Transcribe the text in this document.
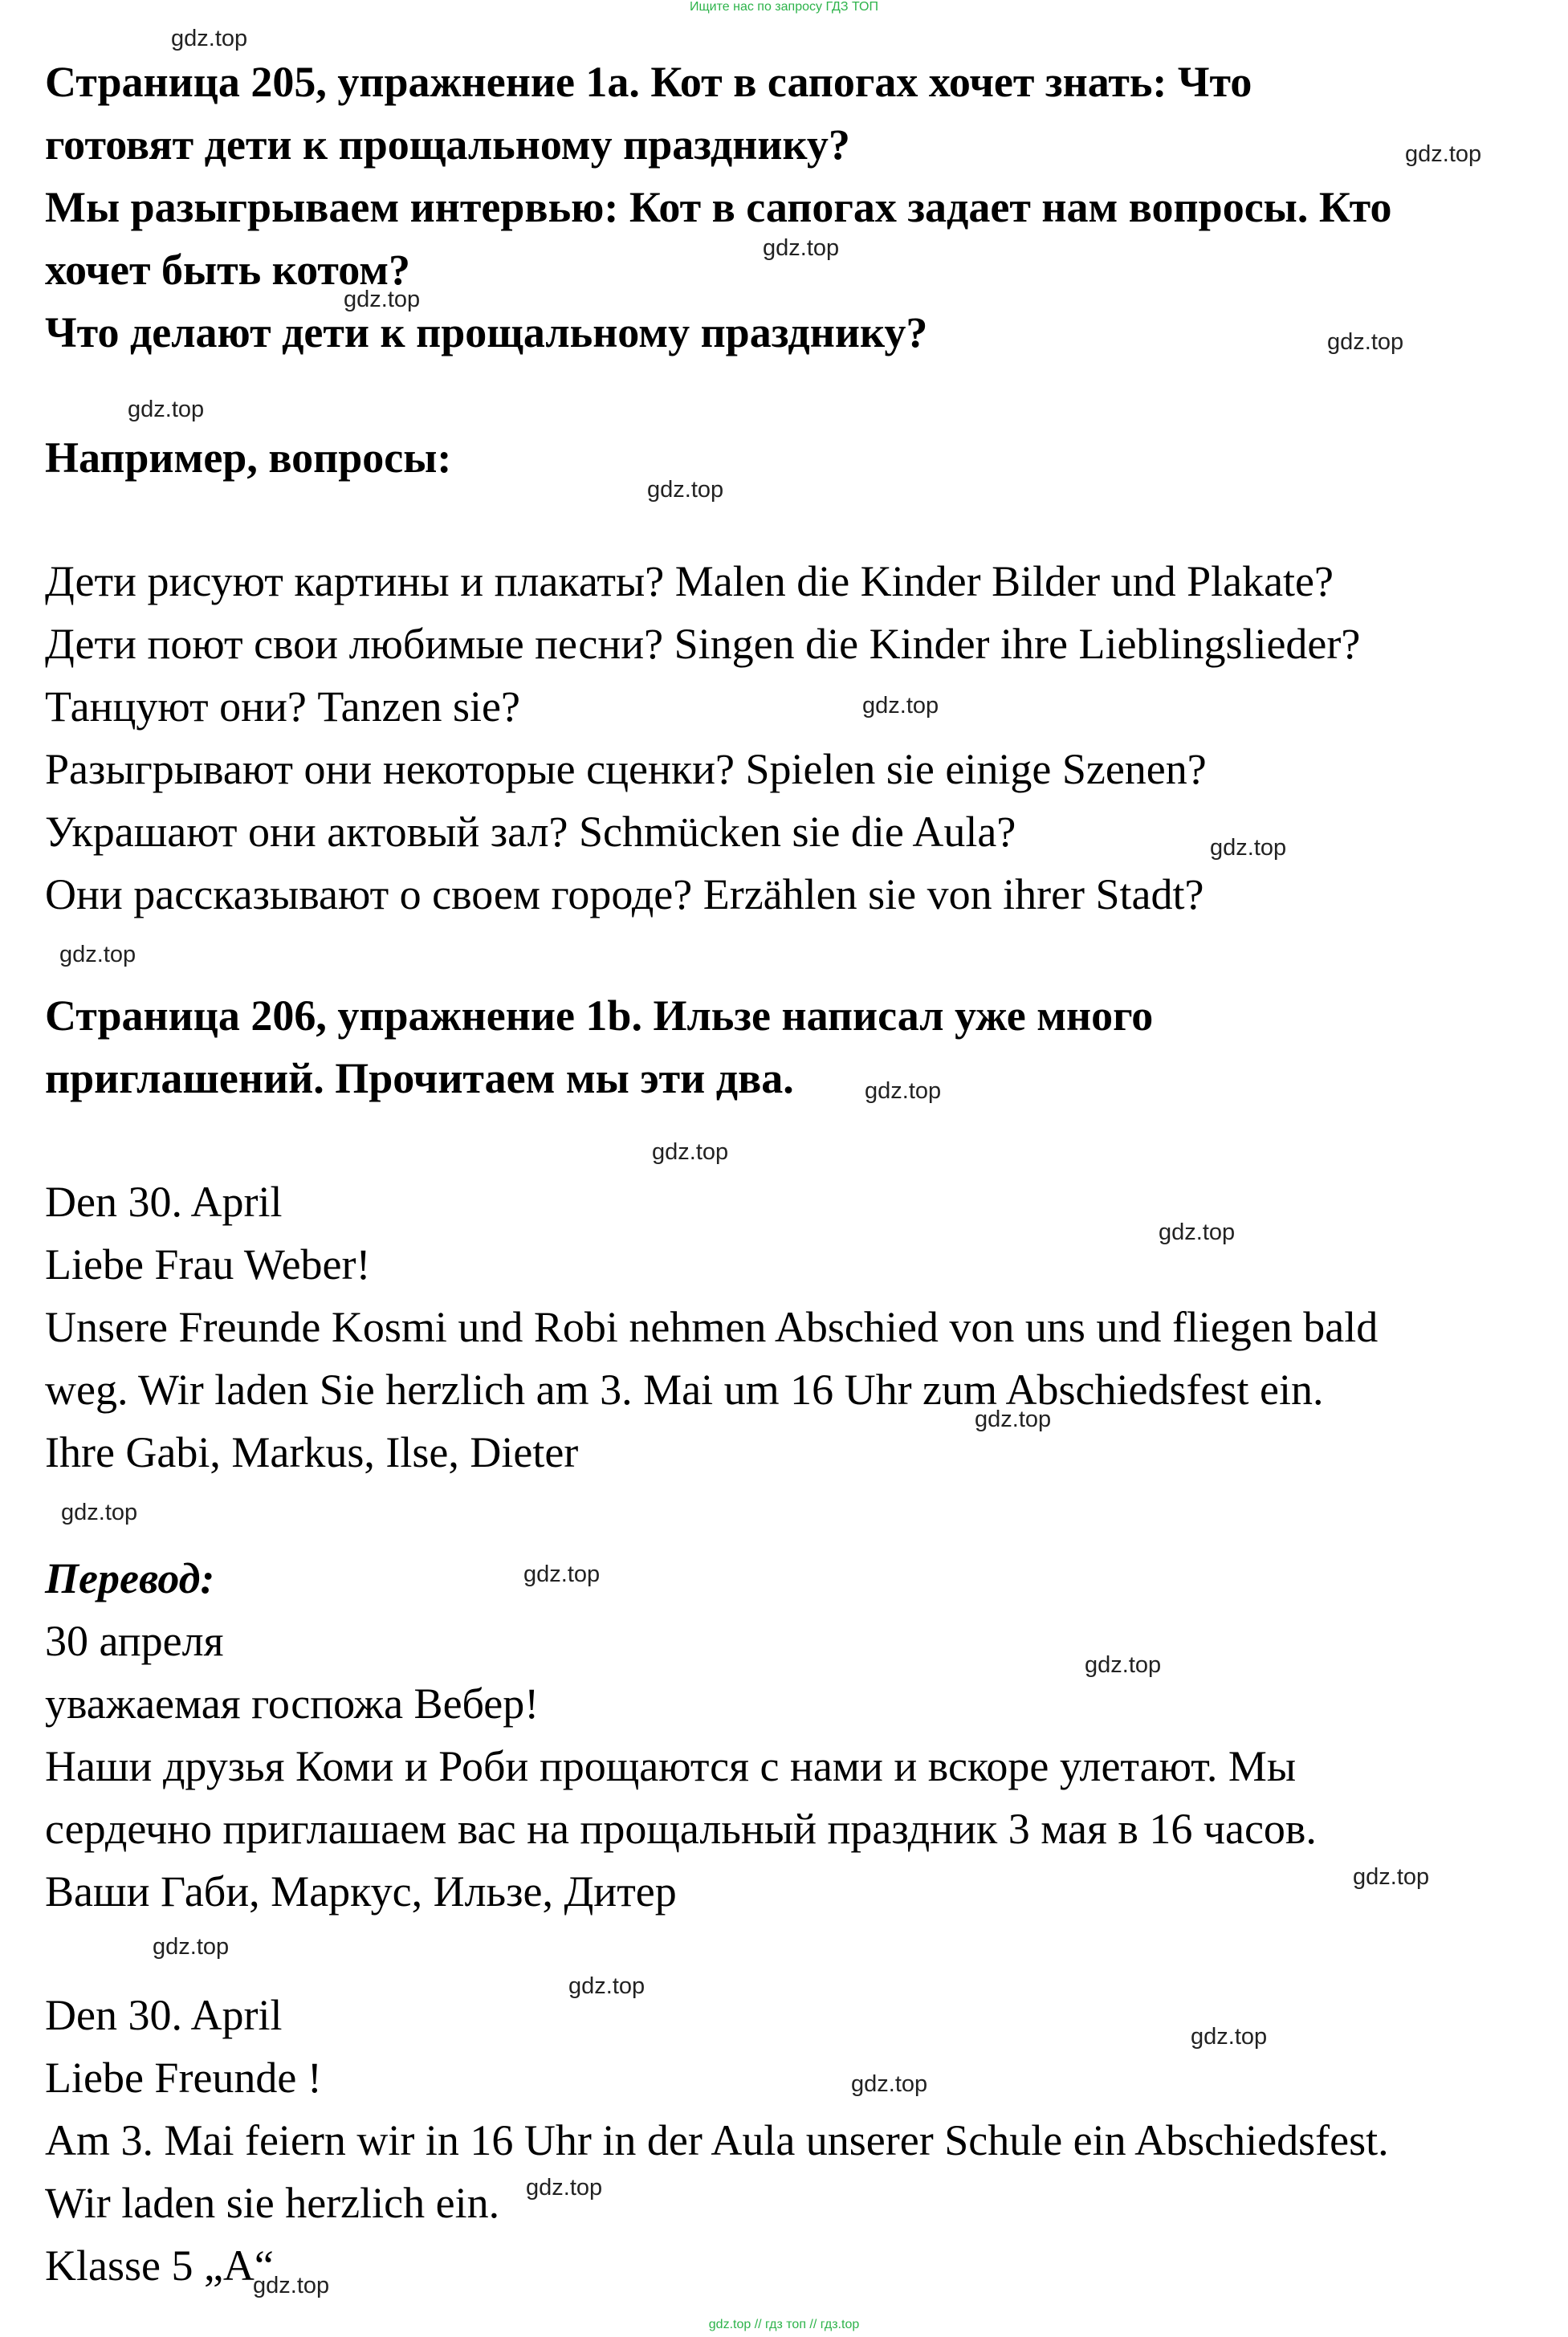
Ищите нас по запросу ГДЗ ТОП
gdz.top // гдз топ // гдз.top
Страница 205, упражнение 1а. Кот в сапогах хочет знать: Что
готовят дети к прощальному празднику?
Мы разыгрываем интервью: Кот в сапогах задает нам вопросы. Кто
хочет быть котом?
Что делают дети к прощальному празднику?
Например, вопросы:
Дети рисуют картины и плакаты? Malen die Kinder Bilder und Plakate?
Дети поют свои любимые песни? Singen die Kinder ihre Lieblingslieder?
Танцуют они? Tanzen sie?
Разыгрывают они некоторые сценки? Spielen sie einige Szenen?
Украшают они актовый зал? Schmücken sie die Aula?
Они рассказывают о своем городе? Erzählen sie von ihrer Stadt?
Страница 206, упражнение 1b. Ильзе написал уже много
приглашений. Прочитаем мы эти два.
Den 30. April
Liebe Frau Weber!
Unsere Freunde Kosmi und Robi nehmen Abschied von uns und fliegen bald
weg. Wir laden Sie herzlich am 3. Mai um 16 Uhr zum Abschiedsfest ein.
Ihre Gabi, Markus, Ilse, Dieter
Перевод:
30 апреля
уважаемая госпожа Вебер!
Наши друзья Коми и Роби прощаются с нами и вскоре улетают. Мы
сердечно приглашаем вас на прощальный праздник 3 мая в 16 часов.
Ваши Габи, Маркус, Ильзе, Дитер
Den 30. April
Liebe Freunde !
Am 3. Mai feiern wir in 16 Uhr in der Aula unserer Schule ein Abschiedsfest.
Wir laden sie herzlich ein.
Klasse 5 „A“
gdz.top
gdz.top
gdz.top
gdz.top
gdz.top
gdz.top
gdz.top
gdz.top
gdz.top
gdz.top
gdz.top
gdz.top
gdz.top
gdz.top
gdz.top
gdz.top
gdz.top
gdz.top
gdz.top
gdz.top
gdz.top
gdz.top
gdz.top
gdz.top
